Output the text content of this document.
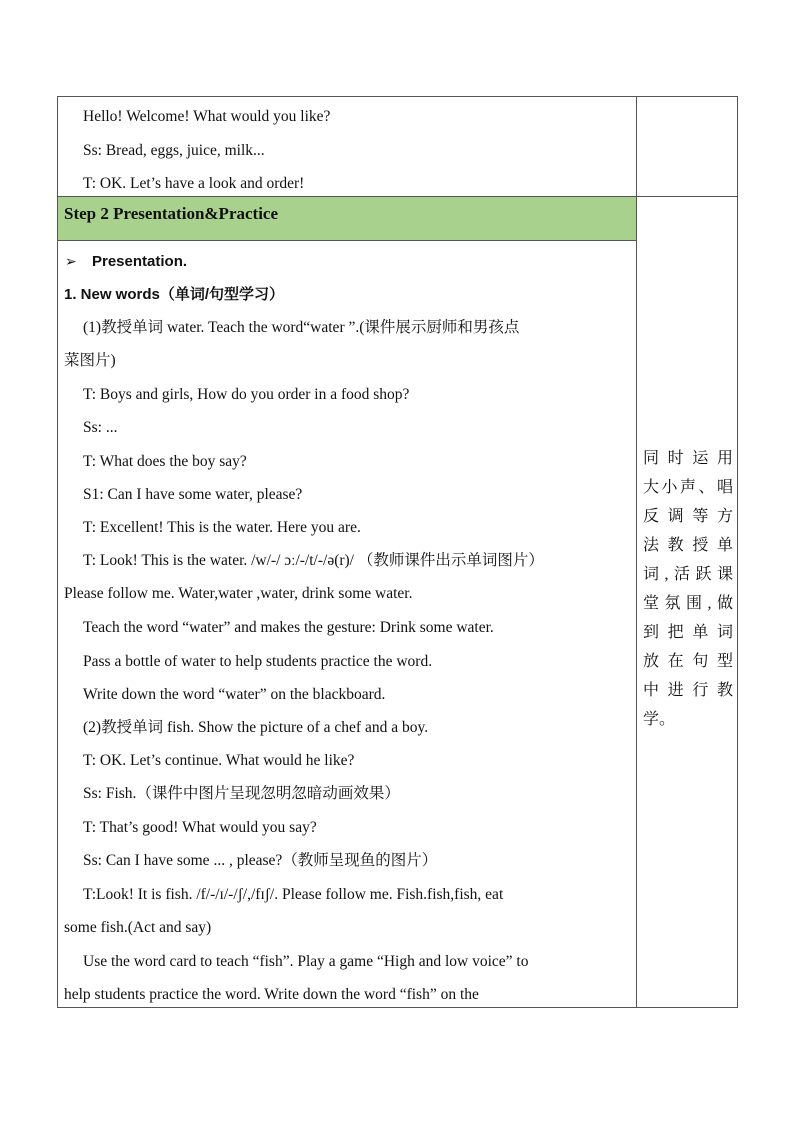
Hello! Welcome! What would you like?
Ss: Bread, eggs, juice, milk...
T: OK. Let’s have a look and order!
Step 2 Presentation&Practice
➢ Presentation.
1. New words（单词/句型学习）
(1)教授单词 water. Teach the word“water ”.(课件展示厨师和男孩点
菜图片)
T: Boys and girls, How do you order in a food shop?
Ss: ...
T: What does the boy say?
S1: Can I have some water, please?
T: Excellent! This is the water. Here you are.
T: Look! This is the water. /w/-/ ɔː/-/t/-/ə(r)/ （教师课件出示单词图片）
Please follow me. Water,water ,water, drink some water.
Teach the word “water” and makes the gesture: Drink some water.
Pass a bottle of water to help students practice the word.
Write down the word “water” on the blackboard.
(2)教授单词 fish. Show the picture of a chef and a boy.
T: OK. Let’s continue. What would he like?
Ss: Fish.（课件中图片呈现忽明忽暗动画效果）
T: That’s good! What would you say?
Ss: Can I have some ... , please?（教师呈现鱼的图片）
T:Look! It is fish. /f/-/ɪ/-/ʃ/,/fɪʃ/. Please follow me. Fish.fish,fish, eat
some fish.(Act and say)
Use the word card to teach “fish”. Play a game “High and low voice” to
help students practice the word. Write down the word “fish” on the
同时运用
大小声、唱
反调等方
法教授单
词,活跃课
堂氛围,做
到把单词
放在句型
中进行教
学。
